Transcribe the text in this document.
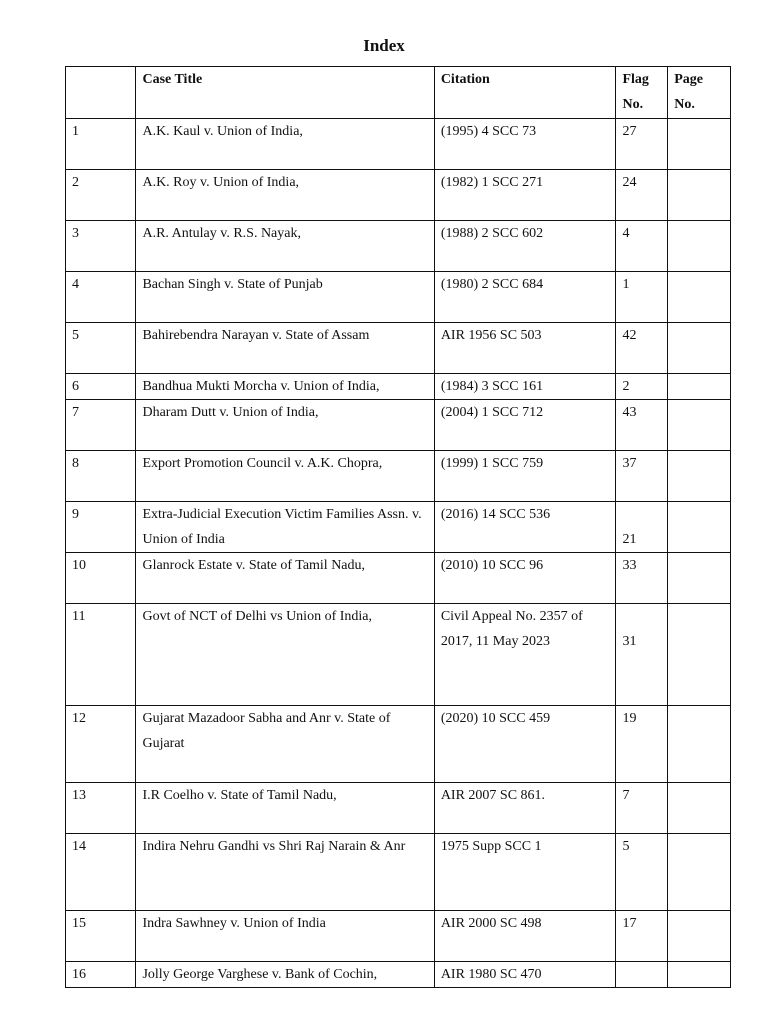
Index
	Case Title	Citation	Flag No.	Page No.
1	A.K. Kaul v. Union of India,	(1995) 4 SCC 73	27	
2	A.K. Roy v. Union of India,	(1982) 1 SCC 271	24	
3	A.R. Antulay v. R.S. Nayak,	(1988) 2 SCC 602	4	
4	Bachan Singh v. State of Punjab	(1980) 2 SCC 684	1	
5	Bahirebendra Narayan v. State of Assam	AIR 1956 SC 503	42	
6	Bandhua Mukti Morcha v. Union of India,	(1984) 3 SCC 161	2	
7	Dharam Dutt v. Union of India,	(2004) 1 SCC 712	43	
8	Export Promotion Council v. A.K. Chopra,	(1999) 1 SCC 759	37	
9	Extra-Judicial Execution Victim Families Assn. v. Union of India	(2016) 14 SCC 536	21	
10	Glanrock Estate v. State of Tamil Nadu,	(2010) 10 SCC 96	33	
11	Govt of NCT of Delhi vs Union of India,	Civil Appeal No. 2357 of 2017, 11 May 2023	31	
12	Gujarat Mazadoor Sabha and Anr v. State of Gujarat	(2020) 10 SCC 459	19	
13	I.R Coelho v. State of Tamil Nadu,	AIR 2007 SC 861.	7	
14	Indira Nehru Gandhi vs Shri Raj Narain & Anr	1975 Supp SCC 1	5	
15	Indra Sawhney v. Union of India	AIR 2000 SC 498	17	
16	Jolly George Varghese v. Bank of Cochin,	AIR 1980 SC 470		
